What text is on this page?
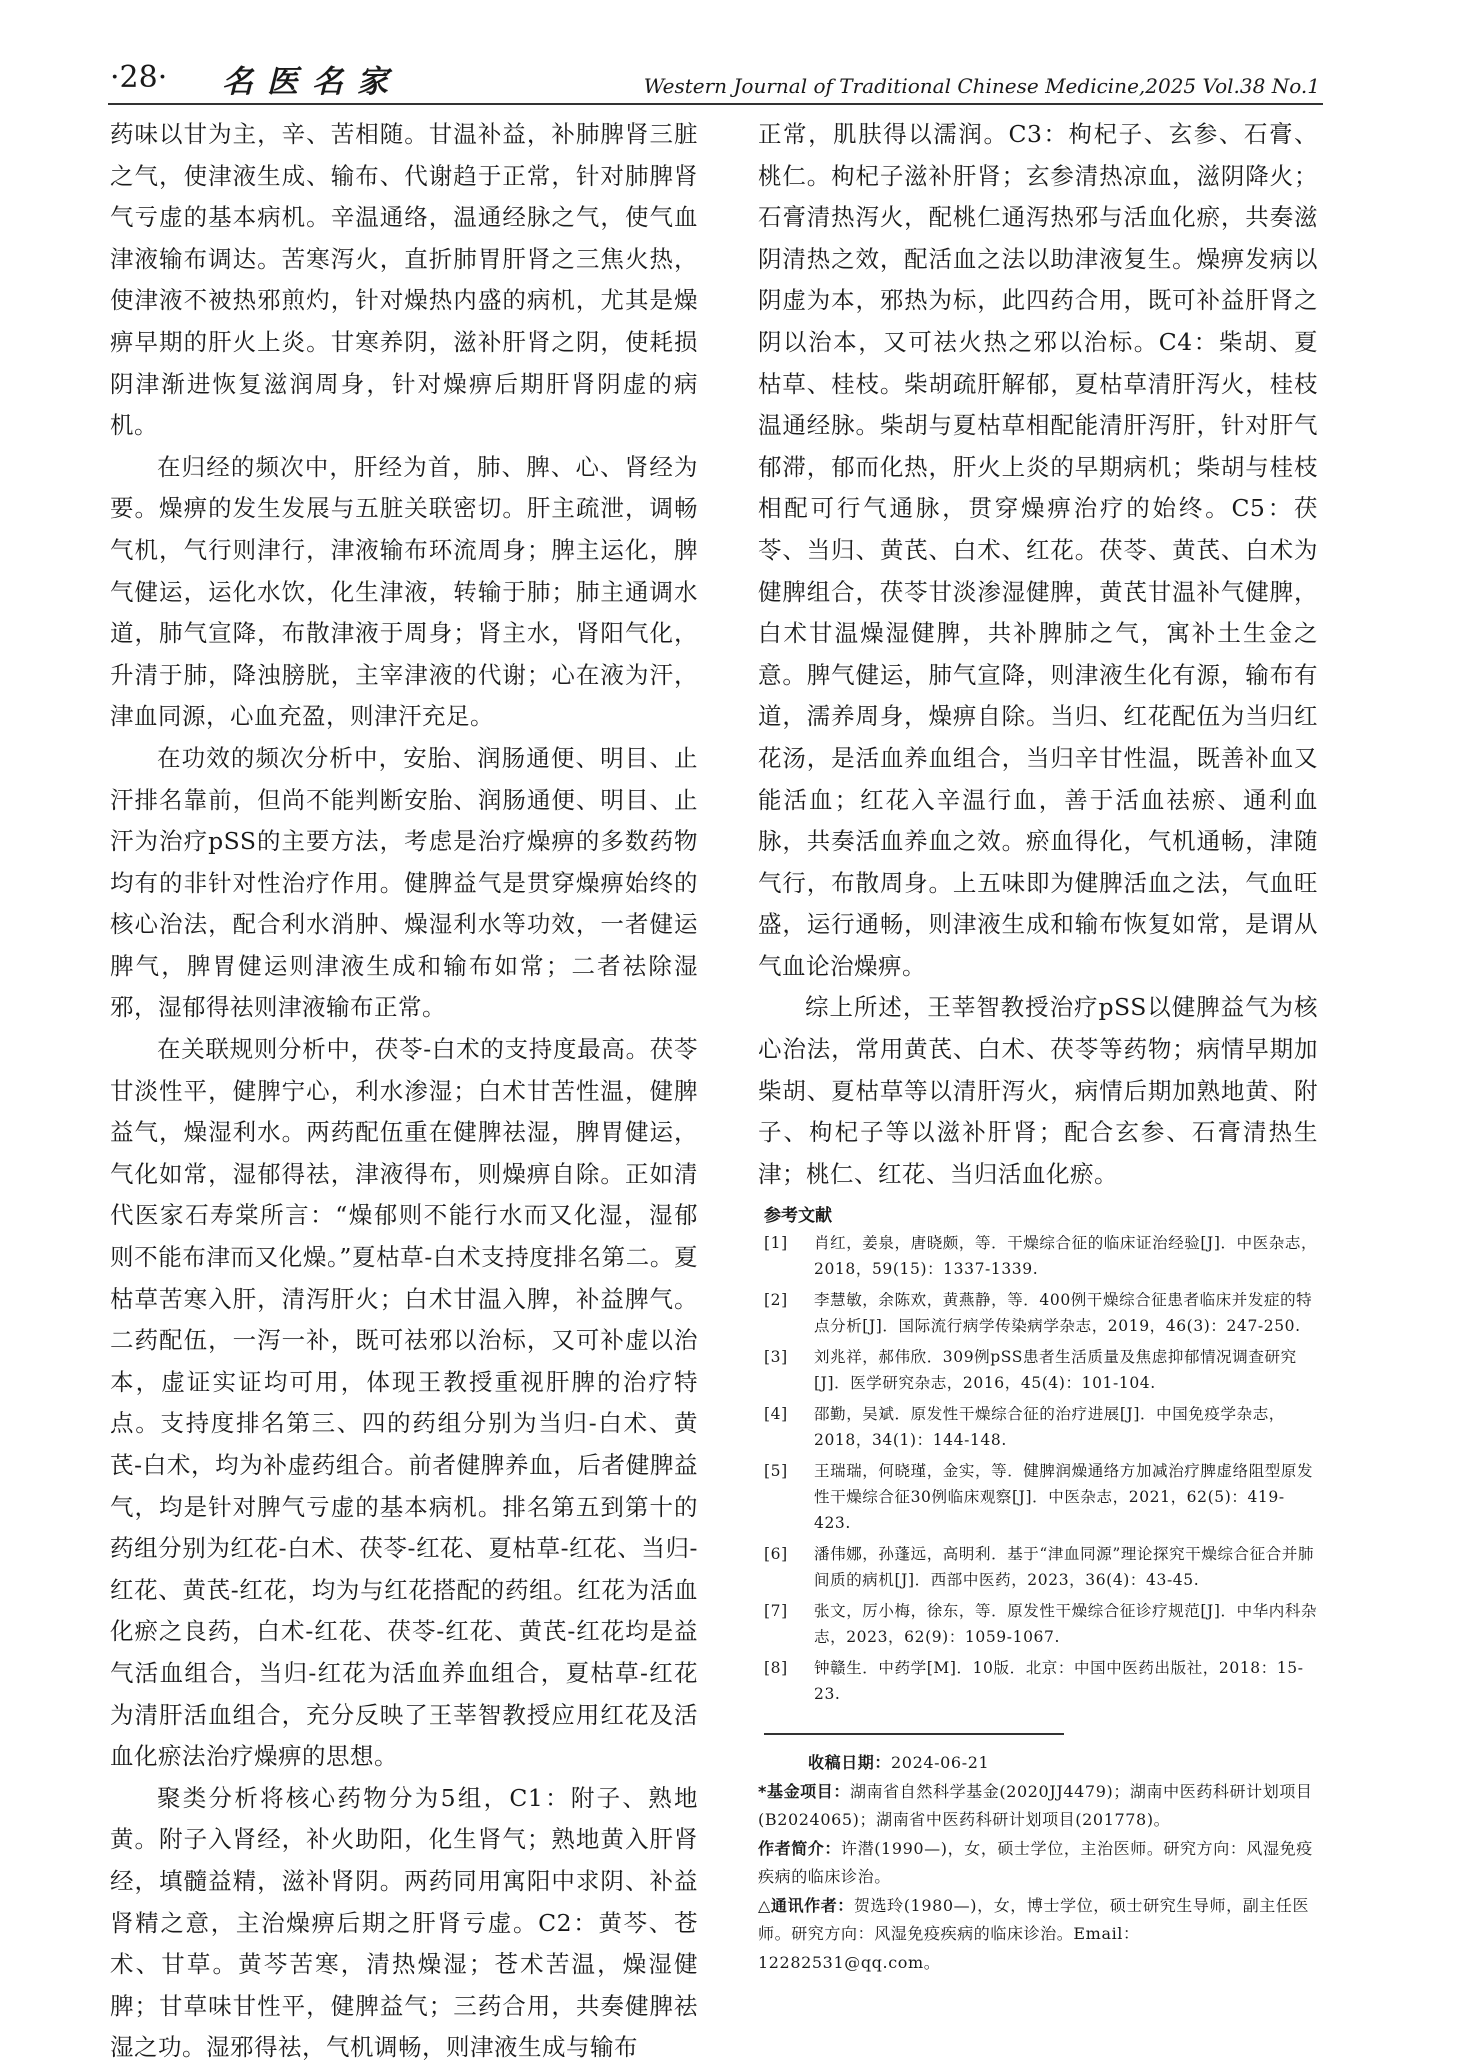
·28· 名医名家	Western Journal of Traditional Chinese Medicine,2025 Vol.38 No.1

药味以甘为主，辛、苦相随。甘温补益，补肺脾肾三脏之气，使津液生成、输布、代谢趋于正常，针对肺脾肾气亏虚的基本病机。辛温通络，温通经脉之气，使气血津液输布调达。苦寒泻火，直折肺胃肝肾之三焦火热，使津液不被热邪煎灼，针对燥热内盛的病机，尤其是燥痹早期的肝火上炎。甘寒养阴，滋补肝肾之阴，使耗损阴津渐进恢复滋润周身，针对燥痹后期肝肾阴虚的病机。

在归经的频次中，肝经为首，肺、脾、心、肾经为要。燥痹的发生发展与五脏关联密切。肝主疏泄，调畅气机，气行则津行，津液输布环流周身；脾主运化，脾气健运，运化水饮，化生津液，转输于肺；肺主通调水道，肺气宣降，布散津液于周身；肾主水，肾阳气化，升清于肺，降浊膀胱，主宰津液的代谢；心在液为汗，津血同源，心血充盈，则津汗充足。

在功效的频次分析中，安胎、润肠通便、明目、止汗排名靠前，但尚不能判断安胎、润肠通便、明目、止汗为治疗pSS的主要方法，考虑是治疗燥痹的多数药物均有的非针对性治疗作用。健脾益气是贯穿燥痹始终的核心治法，配合利水消肿、燥湿利水等功效，一者健运脾气，脾胃健运则津液生成和输布如常；二者祛除湿邪，湿郁得祛则津液输布正常。

在关联规则分析中，茯苓-白术的支持度最高。茯苓甘淡性平，健脾宁心，利水渗湿；白术甘苦性温，健脾益气，燥湿利水。两药配伍重在健脾祛湿，脾胃健运，气化如常，湿郁得祛，津液得布，则燥痹自除。正如清代医家石寿棠所言：“燥郁则不能行水而又化湿，湿郁则不能布津而又化燥。”夏枯草-白术支持度排名第二。夏枯草苦寒入肝，清泻肝火；白术甘温入脾，补益脾气。二药配伍，一泻一补，既可祛邪以治标，又可补虚以治本，虚证实证均可用，体现王教授重视肝脾的治疗特点。支持度排名第三、四的药组分别为当归-白术、黄芪-白术，均为补虚药组合。前者健脾养血，后者健脾益气，均是针对脾气亏虚的基本病机。排名第五到第十的药组分别为红花-白术、茯苓-红花、夏枯草-红花、当归-红花、黄芪-红花，均为与红花搭配的药组。红花为活血化瘀之良药，白术-红花、茯苓-红花、黄芪-红花均是益气活血组合，当归-红花为活血养血组合，夏枯草-红花为清肝活血组合，充分反映了王莘智教授应用红花及活血化瘀法治疗燥痹的思想。

聚类分析将核心药物分为5组，C1：附子、熟地黄。附子入肾经，补火助阳，化生肾气；熟地黄入肝肾经，填髓益精，滋补肾阴。两药同用寓阳中求阴、补益肾精之意，主治燥痹后期之肝肾亏虚。C2：黄芩、苍术、甘草。黄芩苦寒，清热燥湿；苍术苦温，燥湿健脾；甘草味甘性平，健脾益气；三药合用，共奏健脾祛湿之功。湿邪得祛，气机调畅，则津液生成与输布

正常，肌肤得以濡润。C3：枸杞子、玄参、石膏、桃仁。枸杞子滋补肝肾；玄参清热凉血，滋阴降火；石膏清热泻火，配桃仁通泻热邪与活血化瘀，共奏滋阴清热之效，配活血之法以助津液复生。燥痹发病以阴虚为本，邪热为标，此四药合用，既可补益肝肾之阴以治本，又可祛火热之邪以治标。C4：柴胡、夏枯草、桂枝。柴胡疏肝解郁，夏枯草清肝泻火，桂枝温通经脉。柴胡与夏枯草相配能清肝泻肝，针对肝气郁滞，郁而化热，肝火上炎的早期病机；柴胡与桂枝相配可行气通脉，贯穿燥痹治疗的始终。C5：茯苓、当归、黄芪、白术、红花。茯苓、黄芪、白术为健脾组合，茯苓甘淡渗湿健脾，黄芪甘温补气健脾，白术甘温燥湿健脾，共补脾肺之气，寓补土生金之意。脾气健运，肺气宣降，则津液生化有源，输布有道，濡养周身，燥痹自除。当归、红花配伍为当归红花汤，是活血养血组合，当归辛甘性温，既善补血又能活血；红花入辛温行血，善于活血祛瘀、通利血脉，共奏活血养血之效。瘀血得化，气机通畅，津随气行，布散周身。上五味即为健脾活血之法，气血旺盛，运行通畅，则津液生成和输布恢复如常，是谓从气血论治燥痹。

综上所述，王莘智教授治疗pSS以健脾益气为核心治法，常用黄芪、白术、茯苓等药物；病情早期加柴胡、夏枯草等以清肝泻火，病情后期加熟地黄、附子、枸杞子等以滋补肝肾；配合玄参、石膏清热生津；桃仁、红花、当归活血化瘀。

参考文献
[1]	肖红，姜泉，唐晓颇，等．干燥综合征的临床证治经验[J]．中医杂志，2018，59(15)：1337-1339.
[2]	李慧敏，余陈欢，黄燕静，等．400例干燥综合征患者临床并发症的特点分析[J]．国际流行病学传染病学杂志，2019，46(3)：247-250.
[3]	刘兆祥，郝伟欣．309例pSS患者生活质量及焦虑抑郁情况调查研究[J]．医学研究杂志，2016，45(4)：101-104.
[4]	邵勤，吴斌．原发性干燥综合征的治疗进展[J]．中国免疫学杂志，2018，34(1)：144-148.
[5]	王瑞瑞，何晓瑾，金实，等．健脾润燥通络方加减治疗脾虚络阻型原发性干燥综合征30例临床观察[J]．中医杂志，2021，62(5)：419-423.
[6]	潘伟娜，孙蓬远，高明利．基于“津血同源”理论探究干燥综合征合并肺间质的病机[J]．西部中医药，2023，36(4)：43-45.
[7]	张文，厉小梅，徐东，等．原发性干燥综合征诊疗规范[J]．中华内科杂志，2023，62(9)：1059-1067.
[8]	钟赣生．中药学[M]．10版．北京：中国中医药出版社，2018：15-23.

收稿日期：2024-06-21

*基金项目：湖南省自然科学基金(2020JJ4479)；湖南中医药科研计划项目(B2024065)；湖南省中医药科研计划项目(201778)。

作者简介：许潜(1990—)，女，硕士学位，主治医师。研究方向：风湿免疫疾病的临床诊治。

△通讯作者：贺选玲(1980—)，女，博士学位，硕士研究生导师，副主任医师。研究方向：风湿免疫疾病的临床诊治。Email：12282531@qq.com。
